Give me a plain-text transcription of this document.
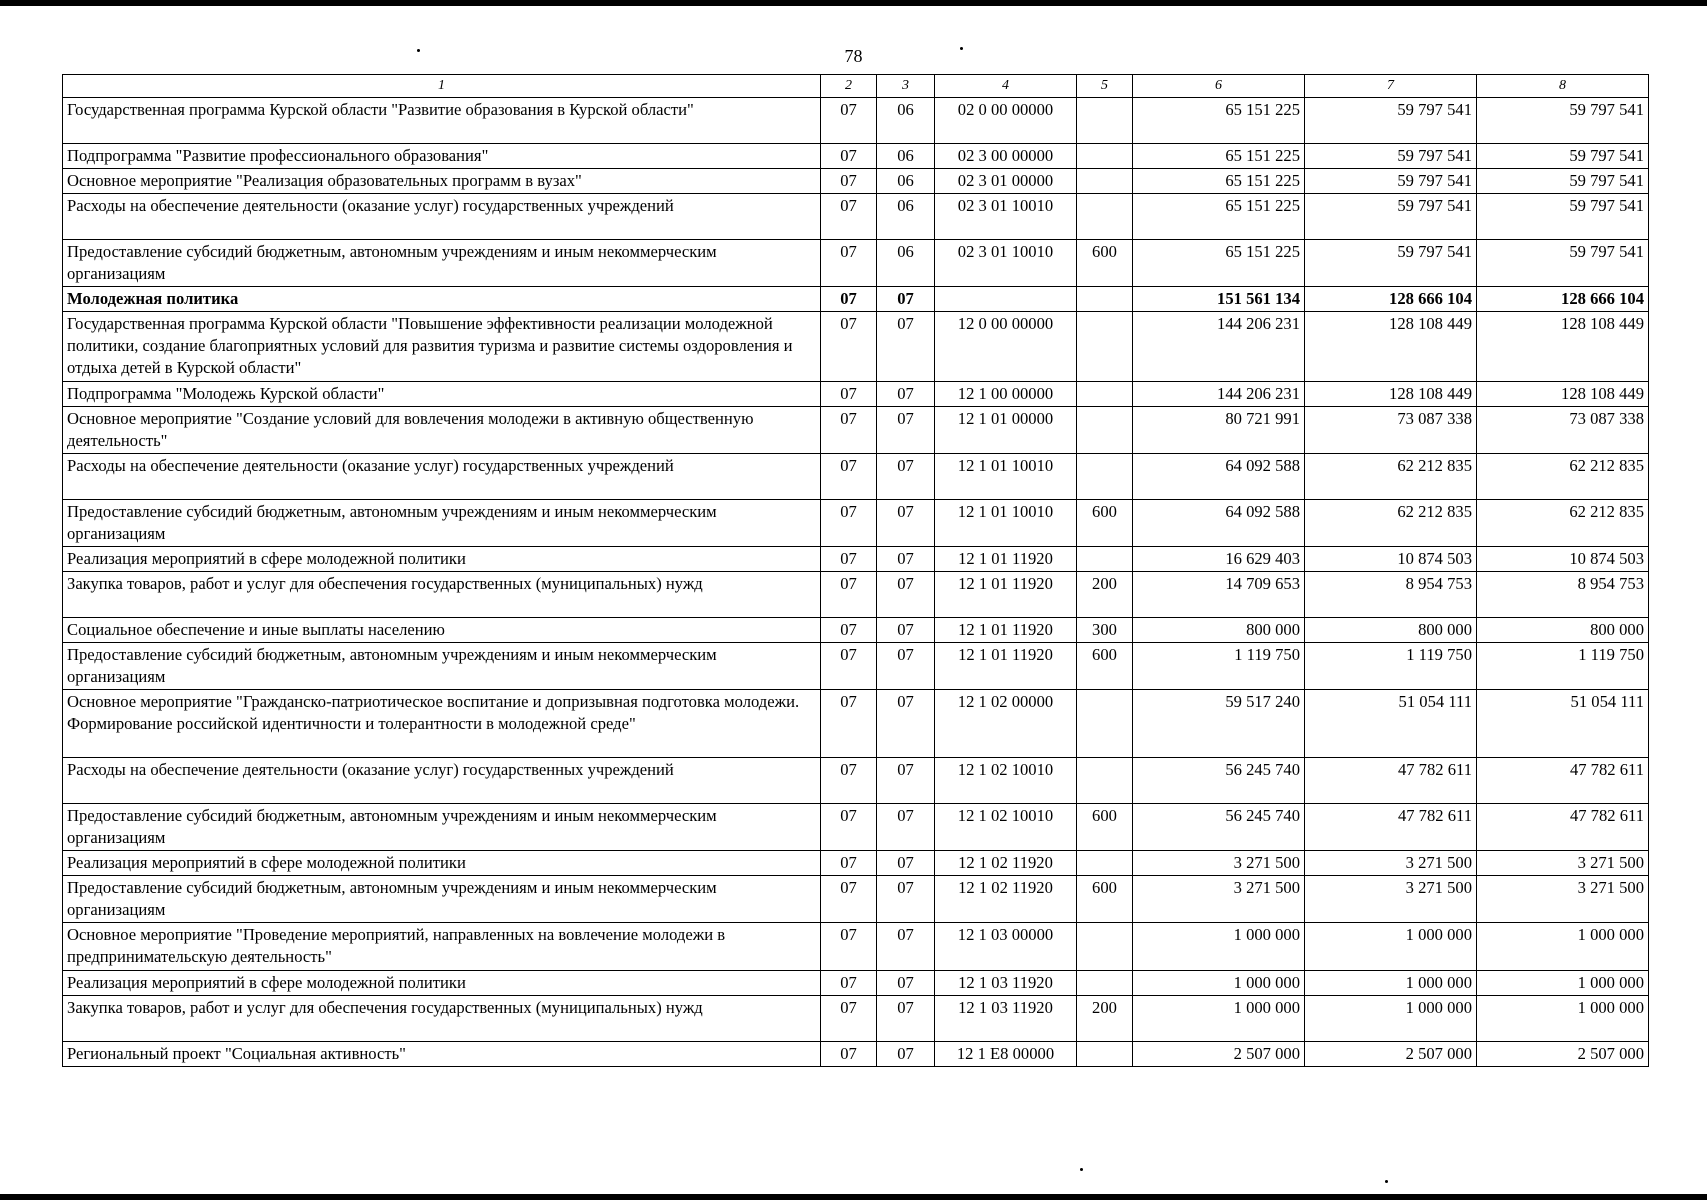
78
1	2	3	4	5	6	7	8
Государственная программа Курской области "Развитие образования в Курской области"	07	06	02 0 00 00000		65 151 225	59 797 541	59 797 541
Подпрограмма "Развитие профессионального образования"	07	06	02 3 00 00000		65 151 225	59 797 541	59 797 541
Основное мероприятие "Реализация образовательных программ в вузах"	07	06	02 3 01 00000		65 151 225	59 797 541	59 797 541
Расходы на обеспечение деятельности (оказание услуг) государственных учреждений	07	06	02 3 01 10010		65 151 225	59 797 541	59 797 541
Предоставление субсидий бюджетным, автономным учреждениям и иным некоммерческим организациям	07	06	02 3 01 10010	600	65 151 225	59 797 541	59 797 541
Молодежная политика	07	07			151 561 134	128 666 104	128 666 104
Государственная программа Курской области "Повышение эффективности реализации молодежной политики, создание благоприятных условий для развития туризма и развитие системы оздоровления и отдыха детей в Курской области"	07	07	12 0 00 00000		144 206 231	128 108 449	128 108 449
Подпрограмма "Молодежь Курской области"	07	07	12 1 00 00000		144 206 231	128 108 449	128 108 449
Основное мероприятие "Создание условий для вовлечения молодежи в активную общественную деятельность"	07	07	12 1 01 00000		80 721 991	73 087 338	73 087 338
Расходы на обеспечение деятельности (оказание услуг) государственных учреждений	07	07	12 1 01 10010		64 092 588	62 212 835	62 212 835
Предоставление субсидий бюджетным, автономным учреждениям и иным некоммерческим организациям	07	07	12 1 01 10010	600	64 092 588	62 212 835	62 212 835
Реализация мероприятий в сфере молодежной политики	07	07	12 1 01 11920		16 629 403	10 874 503	10 874 503
Закупка товаров, работ и услуг для обеспечения государственных (муниципальных) нужд	07	07	12 1 01 11920	200	14 709 653	8 954 753	8 954 753
Социальное обеспечение и иные выплаты населению	07	07	12 1 01 11920	300	800 000	800 000	800 000
Предоставление субсидий бюджетным, автономным учреждениям и иным некоммерческим организациям	07	07	12 1 01 11920	600	1 119 750	1 119 750	1 119 750
Основное мероприятие "Гражданско-патриотическое воспитание и допризывная подготовка молодежи. Формирование российской идентичности и толерантности в молодежной среде"	07	07	12 1 02 00000		59 517 240	51 054 111	51 054 111
Расходы на обеспечение деятельности (оказание услуг) государственных учреждений	07	07	12 1 02 10010		56 245 740	47 782 611	47 782 611
Предоставление субсидий бюджетным, автономным учреждениям и иным некоммерческим организациям	07	07	12 1 02 10010	600	56 245 740	47 782 611	47 782 611
Реализация мероприятий в сфере молодежной политики	07	07	12 1 02 11920		3 271 500	3 271 500	3 271 500
Предоставление субсидий бюджетным, автономным учреждениям и иным некоммерческим организациям	07	07	12 1 02 11920	600	3 271 500	3 271 500	3 271 500
Основное мероприятие "Проведение мероприятий, направленных на вовлечение молодежи в предпринимательскую деятельность"	07	07	12 1 03 00000		1 000 000	1 000 000	1 000 000
Реализация мероприятий в сфере молодежной политики	07	07	12 1 03 11920		1 000 000	1 000 000	1 000 000
Закупка товаров, работ и услуг для обеспечения государственных (муниципальных) нужд	07	07	12 1 03 11920	200	1 000 000	1 000 000	1 000 000
Региональный проект "Социальная активность"	07	07	12 1 E8 00000		2 507 000	2 507 000	2 507 000
